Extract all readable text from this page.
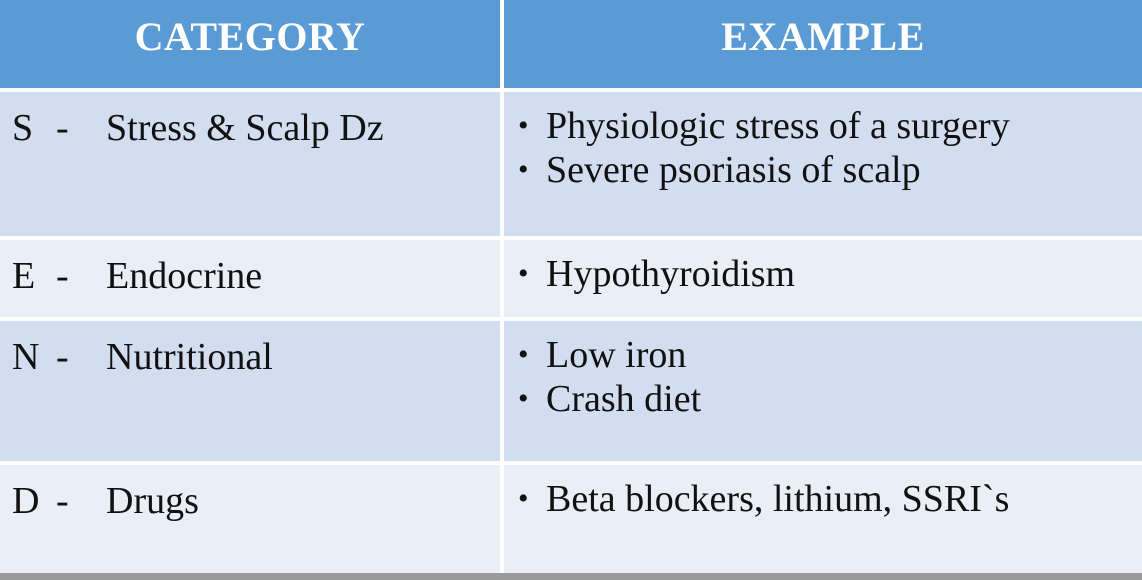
CATEGORY	EXAMPLE
S - Stress & Scalp Dz	• Physiologic stress of a surgery
• Severe psoriasis of scalp
E - Endocrine	• Hypothyroidism
N - Nutritional	• Low iron
• Crash diet
D - Drugs	• Beta blockers, lithium, SSRI`s
